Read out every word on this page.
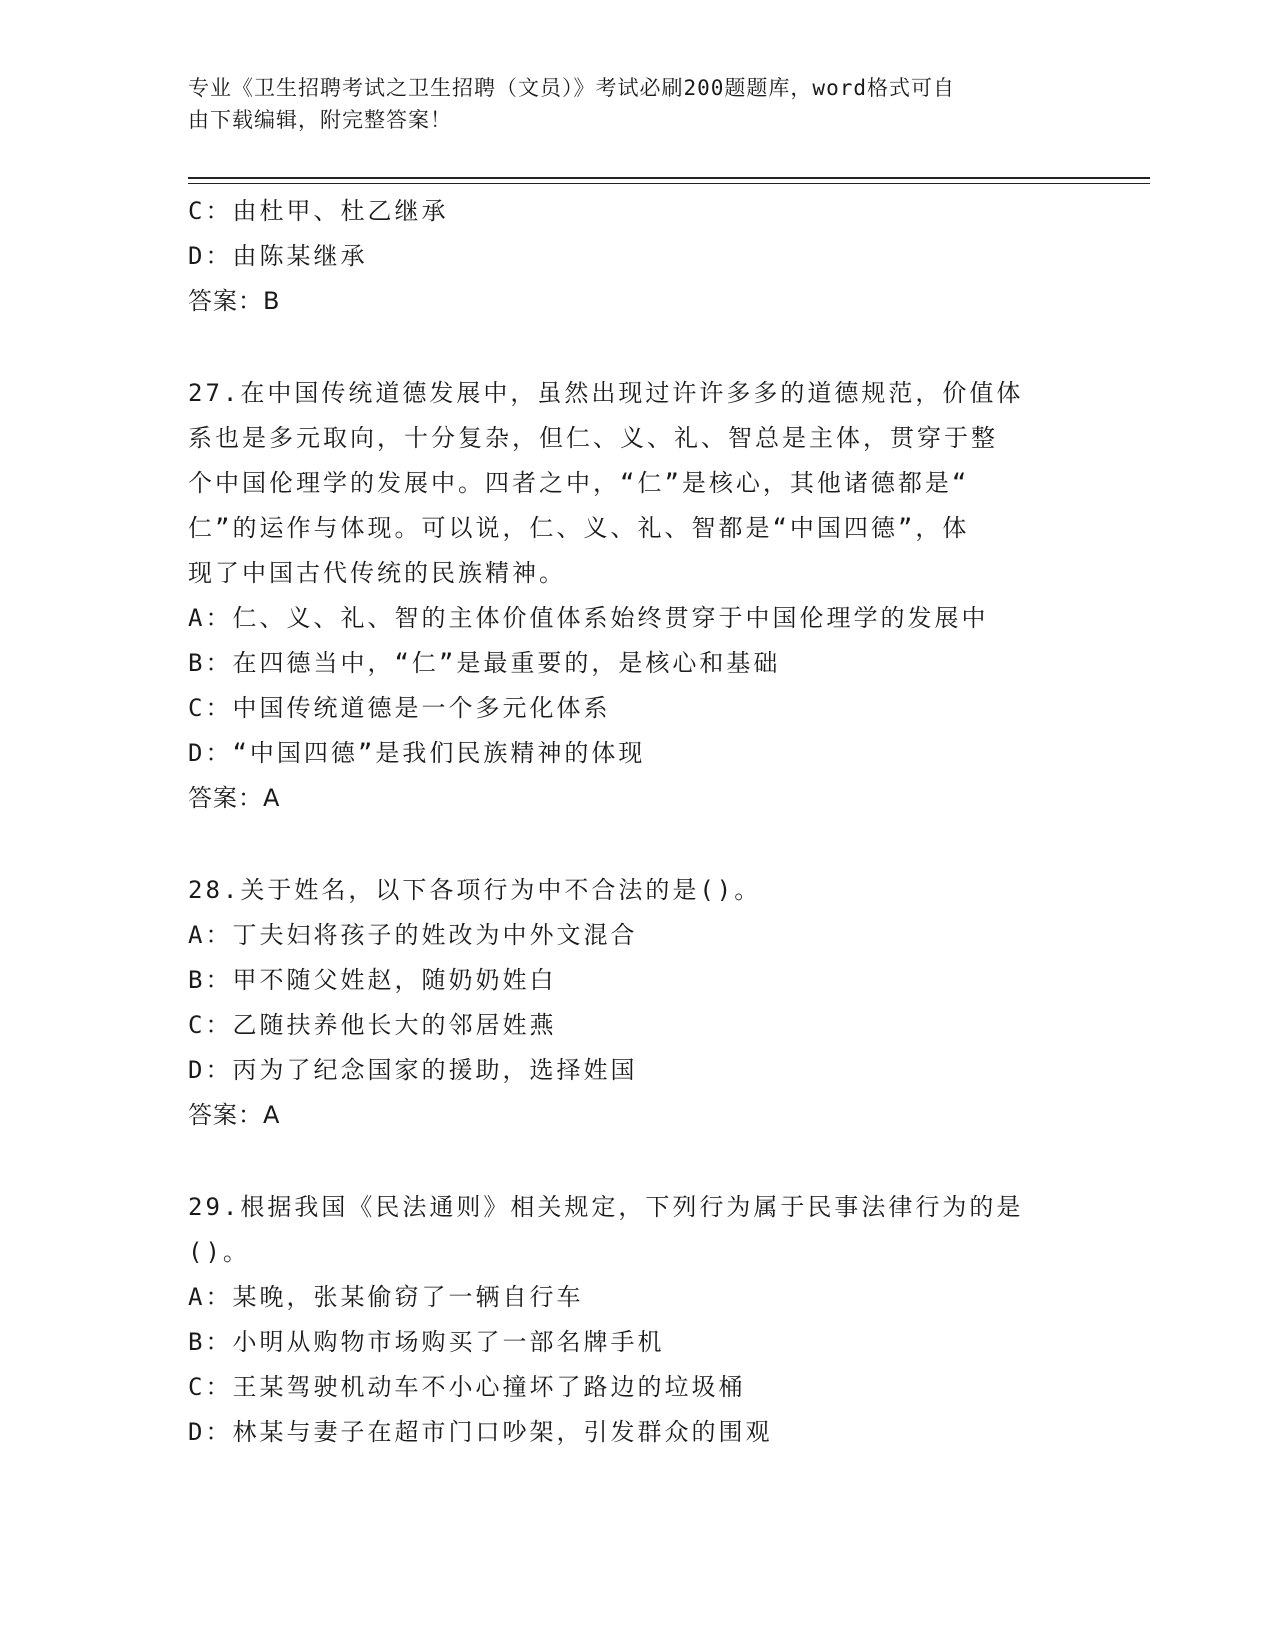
专业《卫生招聘考试之卫生招聘（文员）》考试必刷200题题库，word格式可自
由下载编辑，附完整答案！
C：由杜甲、杜乙继承
D：由陈某继承
答案：B
27.在中国传统道德发展中，虽然出现过许许多多的道德规范，价值体
系也是多元取向，十分复杂，但仁、义、礼、智总是主体，贯穿于整
个中国伦理学的发展中。四者之中，“仁”是核心，其他诸德都是“
仁”的运作与体现。可以说，仁、义、礼、智都是“中国四德”，体
现了中国古代传统的民族精神。
A：仁、义、礼、智的主体价值体系始终贯穿于中国伦理学的发展中
B：在四德当中，“仁”是最重要的，是核心和基础
C：中国传统道德是一个多元化体系
D：“中国四德”是我们民族精神的体现
答案：A
28.关于姓名，以下各项行为中不合法的是()。
A：丁夫妇将孩子的姓改为中外文混合
B：甲不随父姓赵，随奶奶姓白
C：乙随扶养他长大的邻居姓燕
D：丙为了纪念国家的援助，选择姓国
答案：A
29.根据我国《民法通则》相关规定，下列行为属于民事法律行为的是
()。
A：某晚，张某偷窃了一辆自行车
B：小明从购物市场购买了一部名牌手机
C：王某驾驶机动车不小心撞坏了路边的垃圾桶
D：林某与妻子在超市门口吵架，引发群众的围观
